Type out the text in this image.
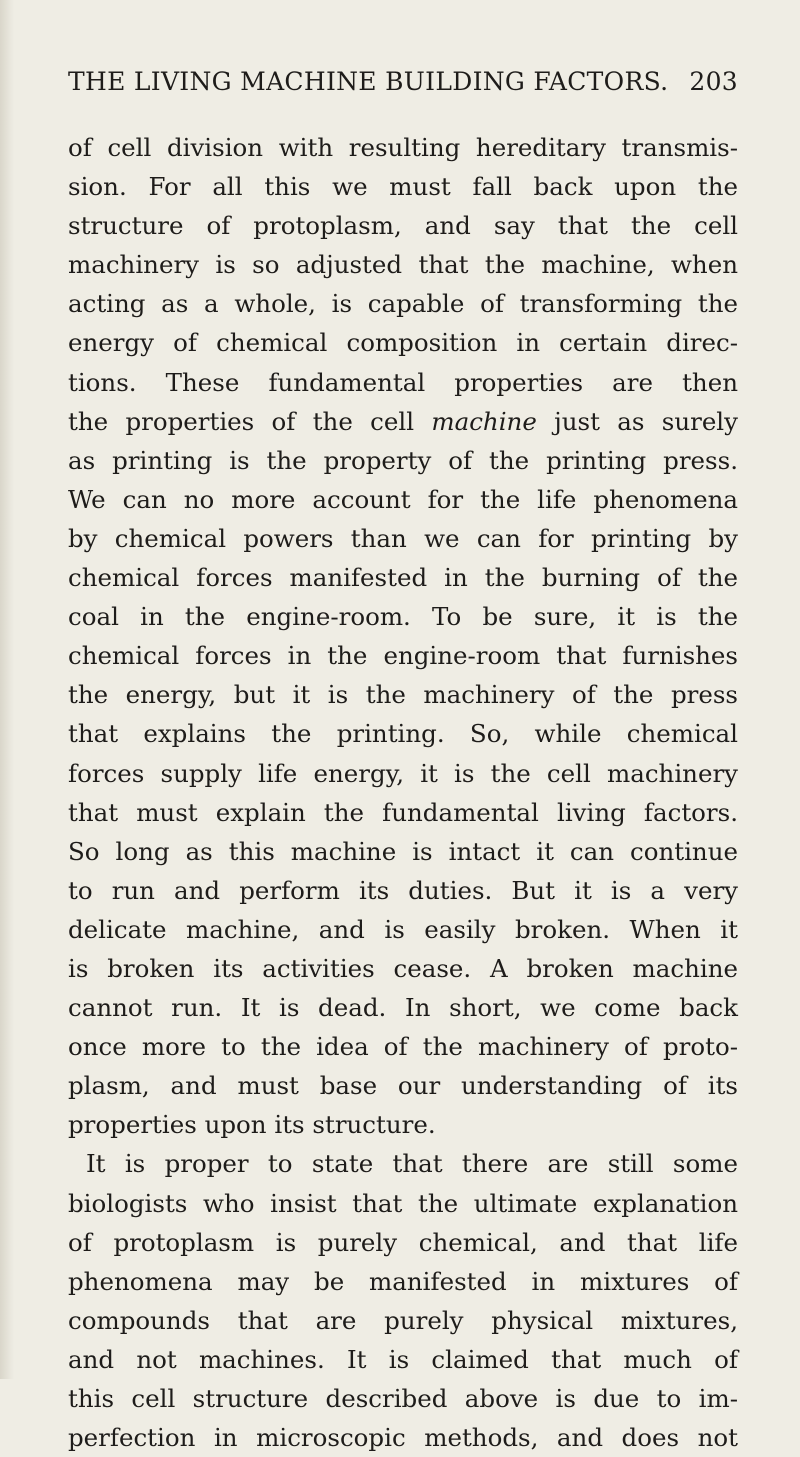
THE LIVING MACHINE BUILDING FACTORS. 203
of cell division with resulting hereditary transmis-
sion. For all this we must fall back upon the
structure of protoplasm, and say that the cell
machinery is so adjusted that the machine, when
acting as a whole, is capable of transforming the
energy of chemical composition in certain direc-
tions. These fundamental properties are then
the properties of the cell machine just as surely
as printing is the property of the printing press.
We can no more account for the life phenomena
by chemical powers than we can for printing by
chemical forces manifested in the burning of the
coal in the engine-room. To be sure, it is the
chemical forces in the engine-room that furnishes
the energy, but it is the machinery of the press
that explains the printing. So, while chemical
forces supply life energy, it is the cell machinery
that must explain the fundamental living factors.
So long as this machine is intact it can continue
to run and perform its duties. But it is a very
delicate machine, and is easily broken. When it
is broken its activities cease. A broken machine
cannot run. It is dead. In short, we come back
once more to the idea of the machinery of proto-
plasm, and must base our understanding of its
properties upon its structure.
It is proper to state that there are still some
biologists who insist that the ultimate explanation
of protoplasm is purely chemical, and that life
phenomena may be manifested in mixtures of
compounds that are purely physical mixtures,
and not machines. It is claimed that much of
this cell structure described above is due to im-
perfection in microscopic methods, and does not
